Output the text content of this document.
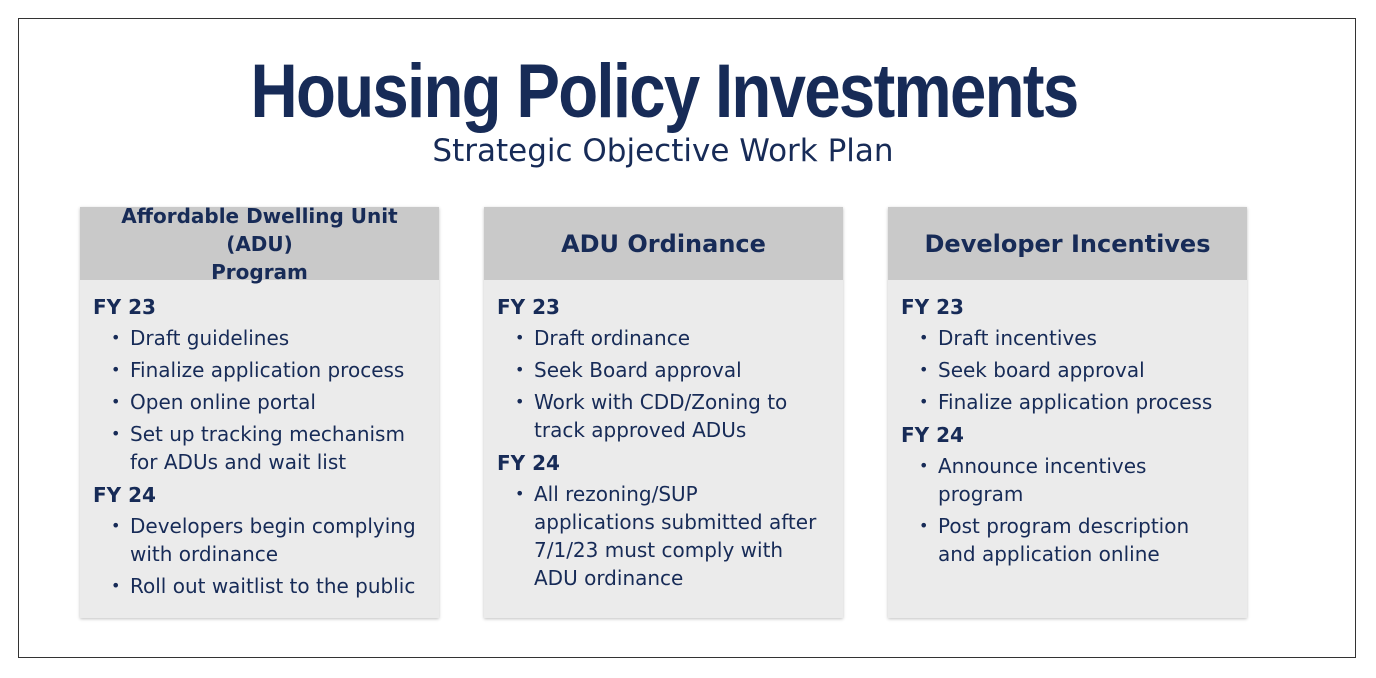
Housing Policy Investments
Strategic Objective Work Plan
Affordable Dwelling Unit (ADU)
Program
FY 23
• Draft guidelines
• Finalize application process
• Open online portal
• Set up tracking mechanism
for ADUs and wait list
FY 24
• Developers begin complying
with ordinance
• Roll out waitlist to the public
ADU Ordinance
FY 23
• Draft ordinance
• Seek Board approval
• Work with CDD/Zoning to
track approved ADUs
FY 24
• All rezoning/SUP
applications submitted after
7/1/23 must comply with
ADU ordinance
Developer Incentives
FY 23
• Draft incentives
• Seek board approval
• Finalize application process
FY 24
• Announce incentives
program
• Post program description
and application online
